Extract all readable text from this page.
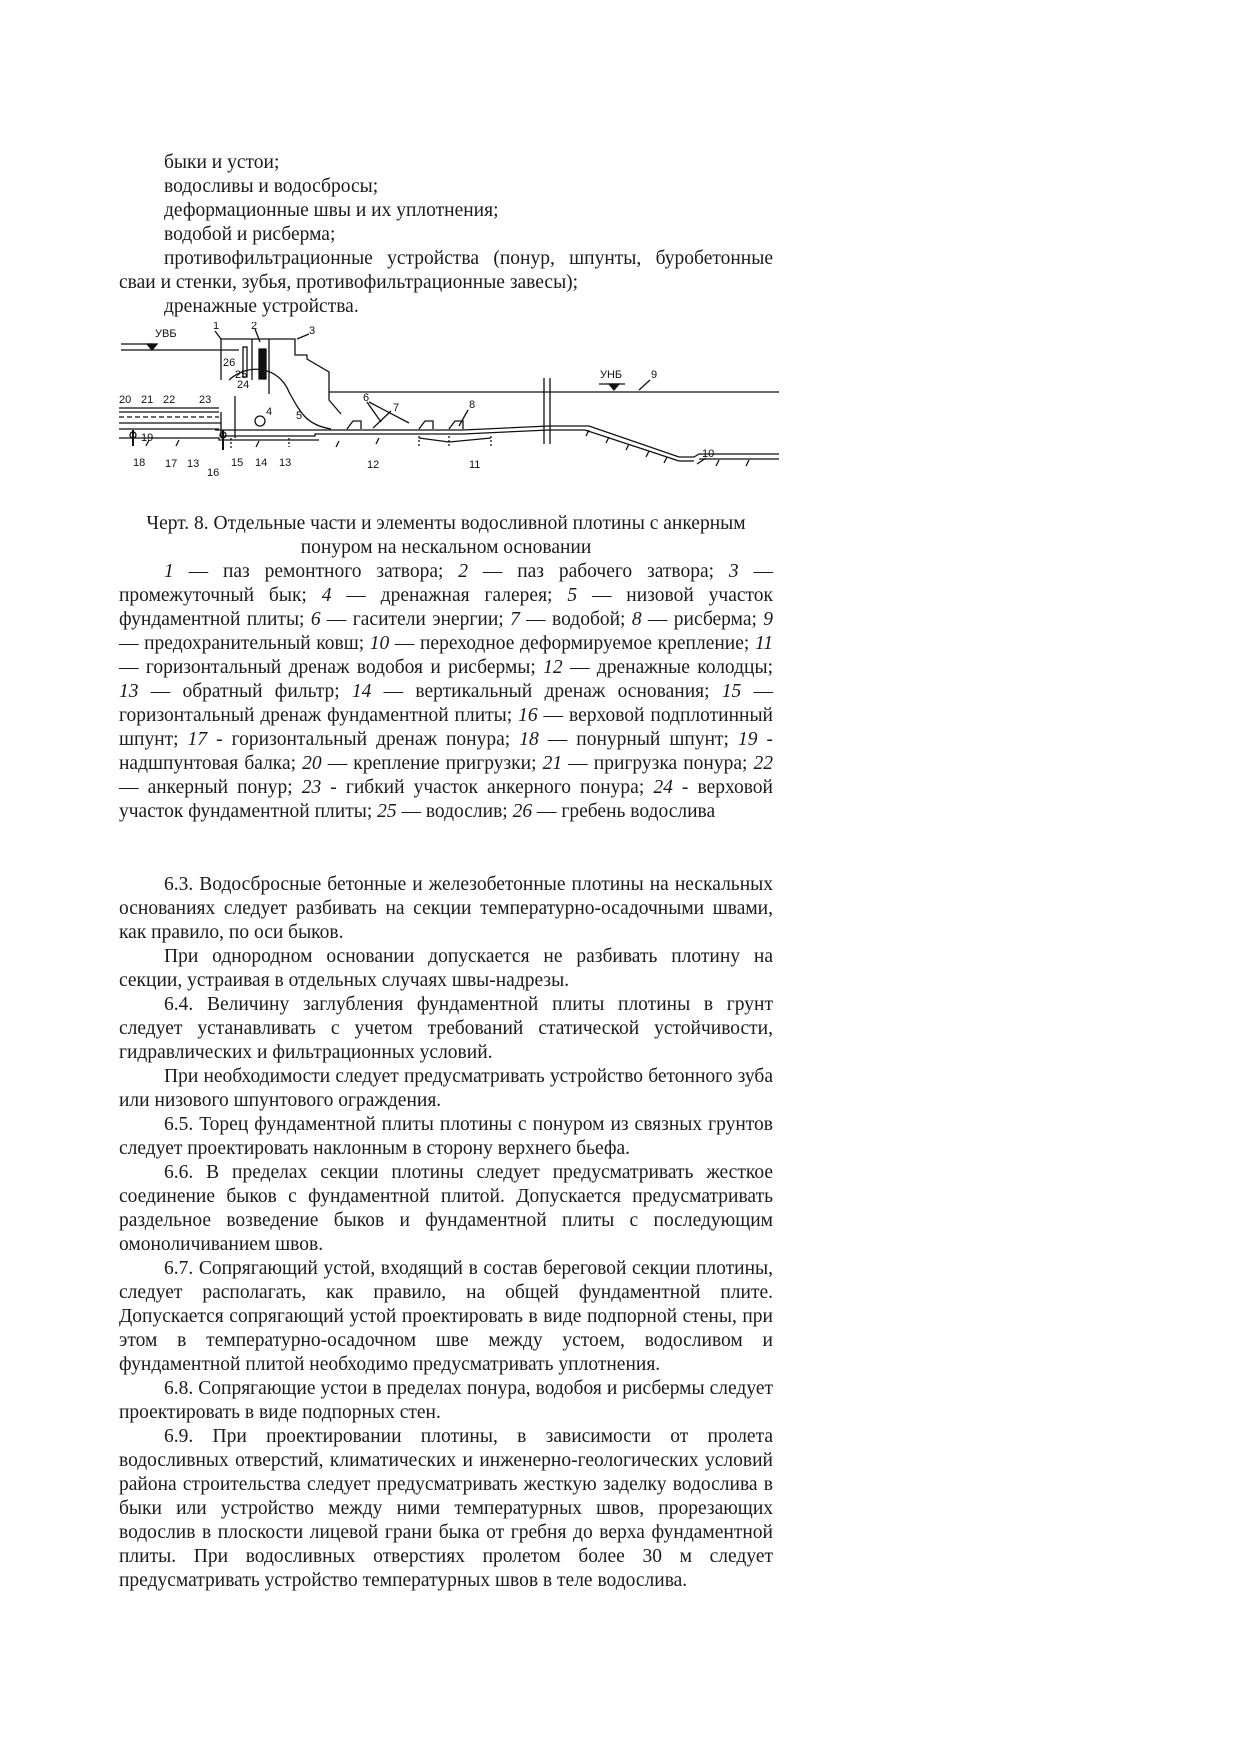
быки и устои;

водосливы и водосбросы;

деформационные швы и их уплотнения;

водобой и рисберма;

противофильтрационные устройства (понур, шпунты, буробетонные сваи и стенки, зубья, противофильтрационные завесы);

дренажные устройства.

УВБ
УНБ
1	2	3
26
25
24
4 5
6
7	8
9
10
20 21 22 23
19
18 17 13
16
15 14 13	12	11
Черт. 8. Отдельные части и элементы водосливной плотины с анкерным понуром на нескальном основании

1 — паз ремонтного затвора; 2 — паз рабочего затвора; 3 — промежуточный бык; 4 — дренажная галерея; 5 — низовой участок фундаментной плиты; 6 — гасители энергии; 7 — водобой; 8 — рисберма; 9 — предохранительный ковш; 10 — переходное деформируемое крепление; 11 — горизонтальный дренаж водобоя и рисбермы; 12 — дренажные колодцы; 13 — обратный фильтр; 14 — вертикальный дренаж основания; 15 — горизонтальный дренаж фундаментной плиты; 16 — верховой подплотинный шпунт; 17 - горизонтальный дренаж понура; 18 — понурный шпунт; 19 - надшпунтовая балка; 20 — крепление пригрузки; 21 — пригрузка понура; 22 — анкерный понур; 23 - гибкий участок анкерного понура; 24 - верховой участок фундаментной плиты; 25 — водослив; 26 — гребень водослива

6.3. Водосбросные бетонные и железобетонные плотины на нескальных основаниях следует разбивать на секции температурно-осадочными швами, как правило, по оси быков.

При однородном основании допускается не разбивать плотину на секции, устраивая в отдельных случаях швы-надрезы.

6.4. Величину заглубления фундаментной плиты плотины в грунт следует устанавливать с учетом требований статической устойчивости, гидравлических и фильтрационных условий.

При необходимости следует предусматривать устройство бетонного зуба или низового шпунтового ограждения.

6.5. Торец фундаментной плиты плотины с понуром из связных грунтов следует проектировать наклонным в сторону верхнего бьефа.

6.6. В пределах секции плотины следует предусматривать жесткое соединение быков с фундаментной плитой. Допускается предусматривать раздельное возведение быков и фундаментной плиты с последующим омоноличиванием швов.

6.7. Сопрягающий устой, входящий в состав береговой секции плотины, следует располагать, как правило, на общей фундаментной плите. Допускается сопрягающий устой проектировать в виде подпорной стены, при этом в температурно-осадочном шве между устоем, водосливом и фундаментной плитой необходимо предусматривать уплотнения.

6.8. Сопрягающие устои в пределах понура, водобоя и рисбермы следует проектировать в виде подпорных стен.

6.9. При проектировании плотины, в зависимости от пролета водосливных отверстий, климатических и инженерно-геологических условий района строительства следует предусматривать жесткую заделку водослива в быки или устройство между ними температурных швов, прорезающих водослив в плоскости лицевой грани быка от гребня до верха фундаментной плиты. При водосливных отверстиях пролетом более 30 м следует предусматривать устройство температурных швов в теле водослива.
